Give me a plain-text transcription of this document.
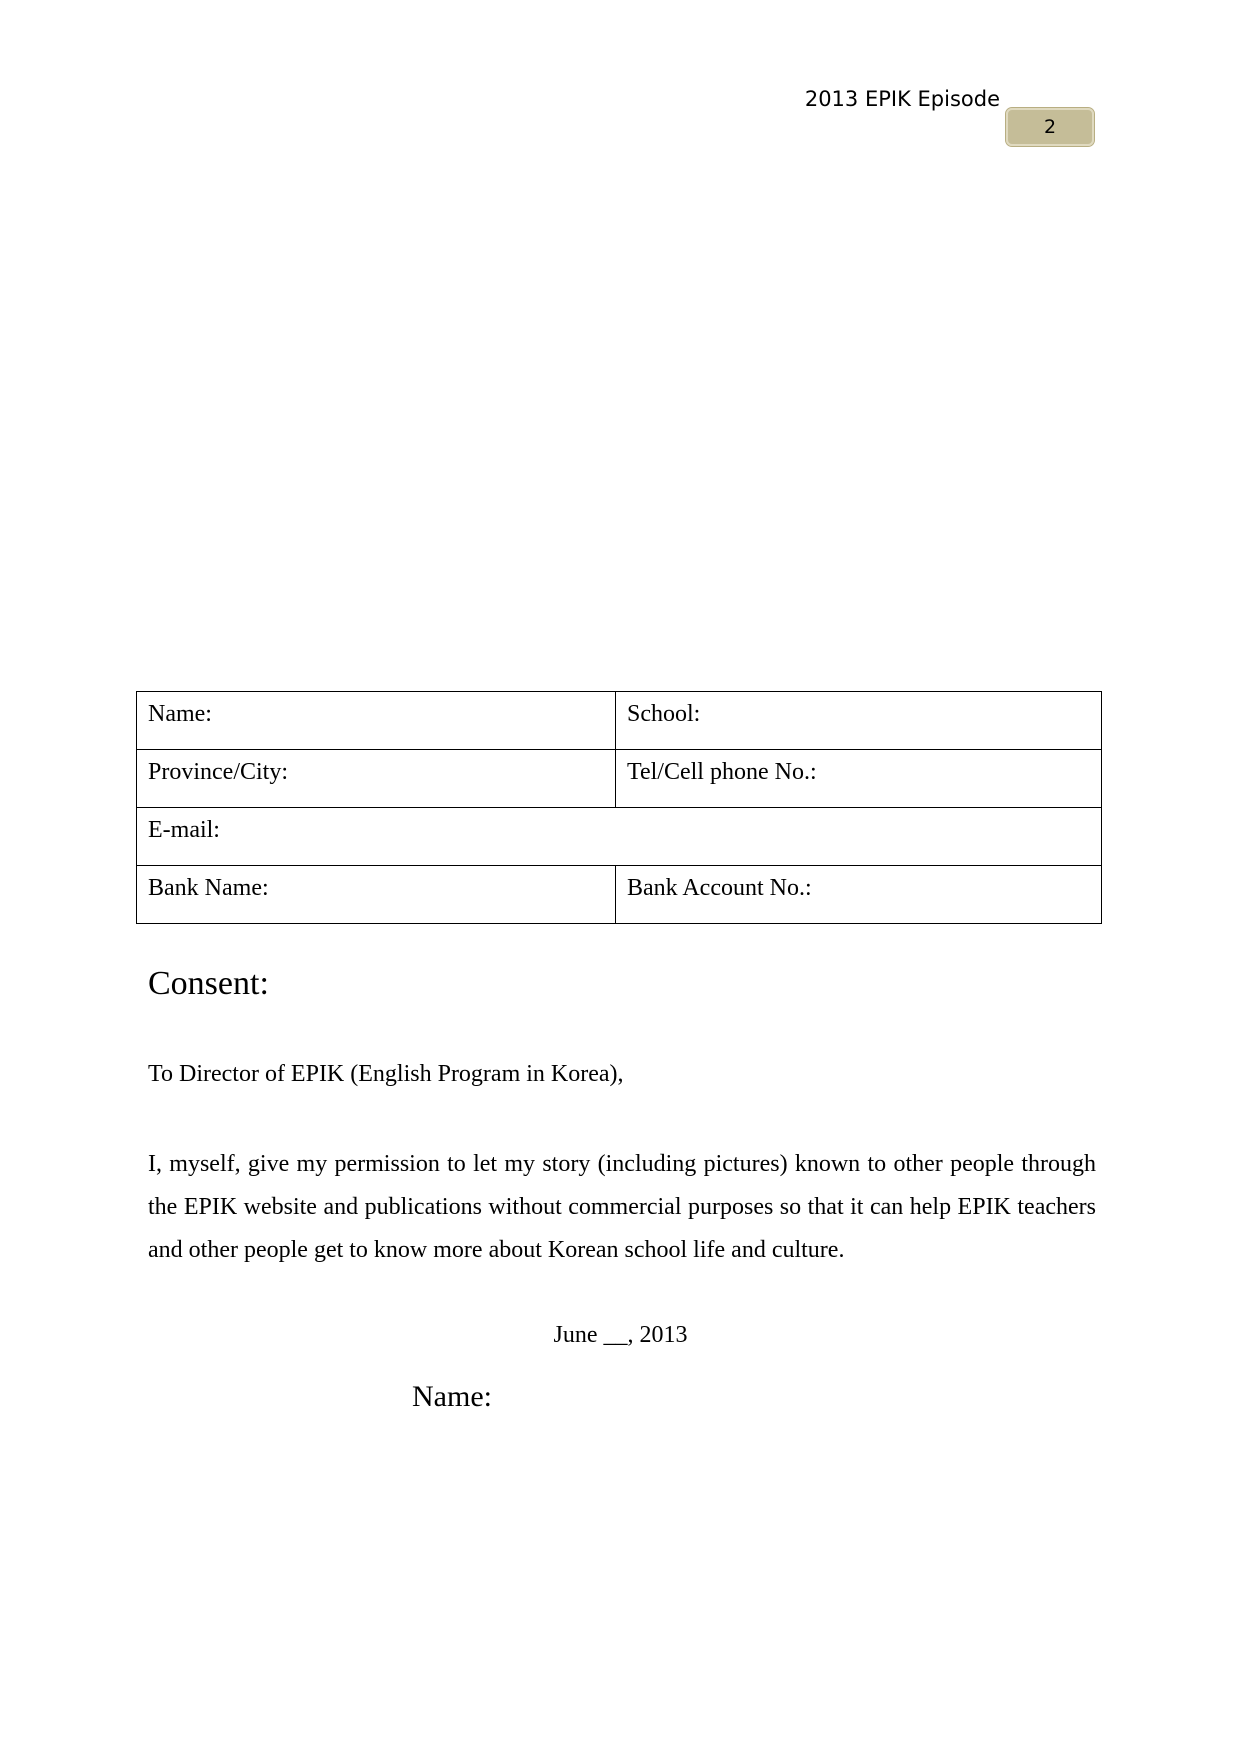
2013 EPIK Episode
2
Name:	School:

Province/City:	Tel/Cell phone No.:

E-mail:	

Bank Name:	Bank Account No.:
Consent:
To Director of EPIK (English Program in Korea),
I, myself, give my permission to let my story (including pictures) known to other people through the EPIK website and publications without commercial purposes so that it can help EPIK teachers and other people get to know more about Korean school life and culture.
June __, 2013
Name:
